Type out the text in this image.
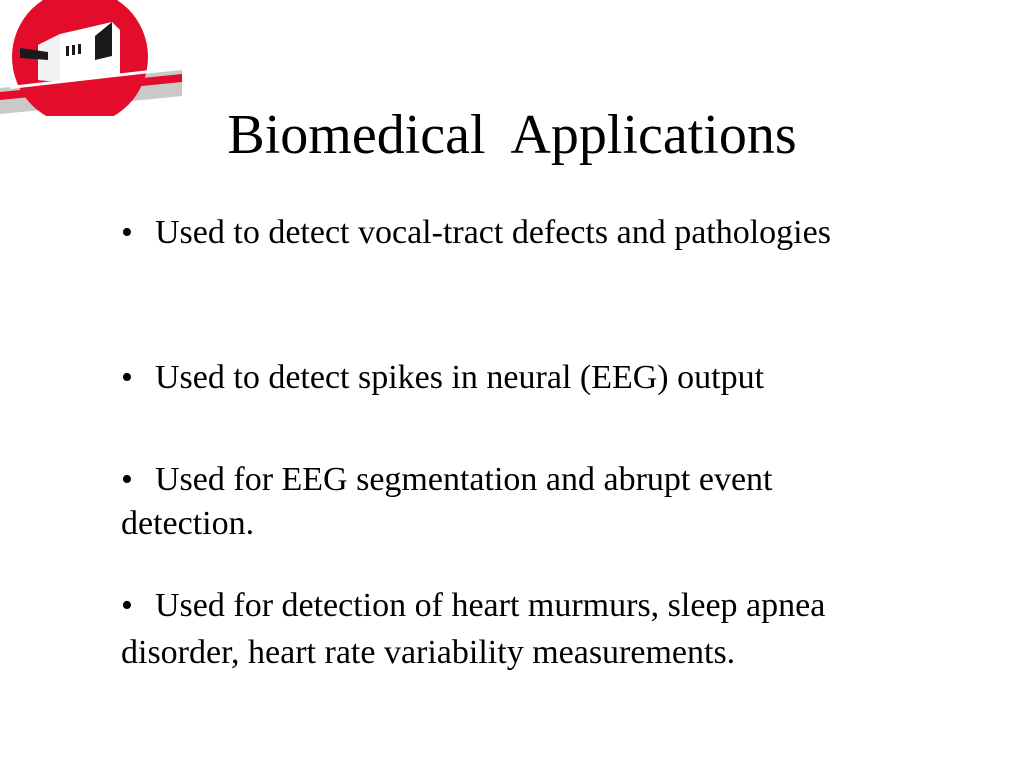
Biomedical  Applications

• Used to detect vocal-tract defects and pathologies

• Used to detect spikes in neural (EEG) output

• Used for EEG segmentation and abrupt event detection.

• Used for detection of heart murmurs, sleep apnea disorder, heart rate variability measurements.
